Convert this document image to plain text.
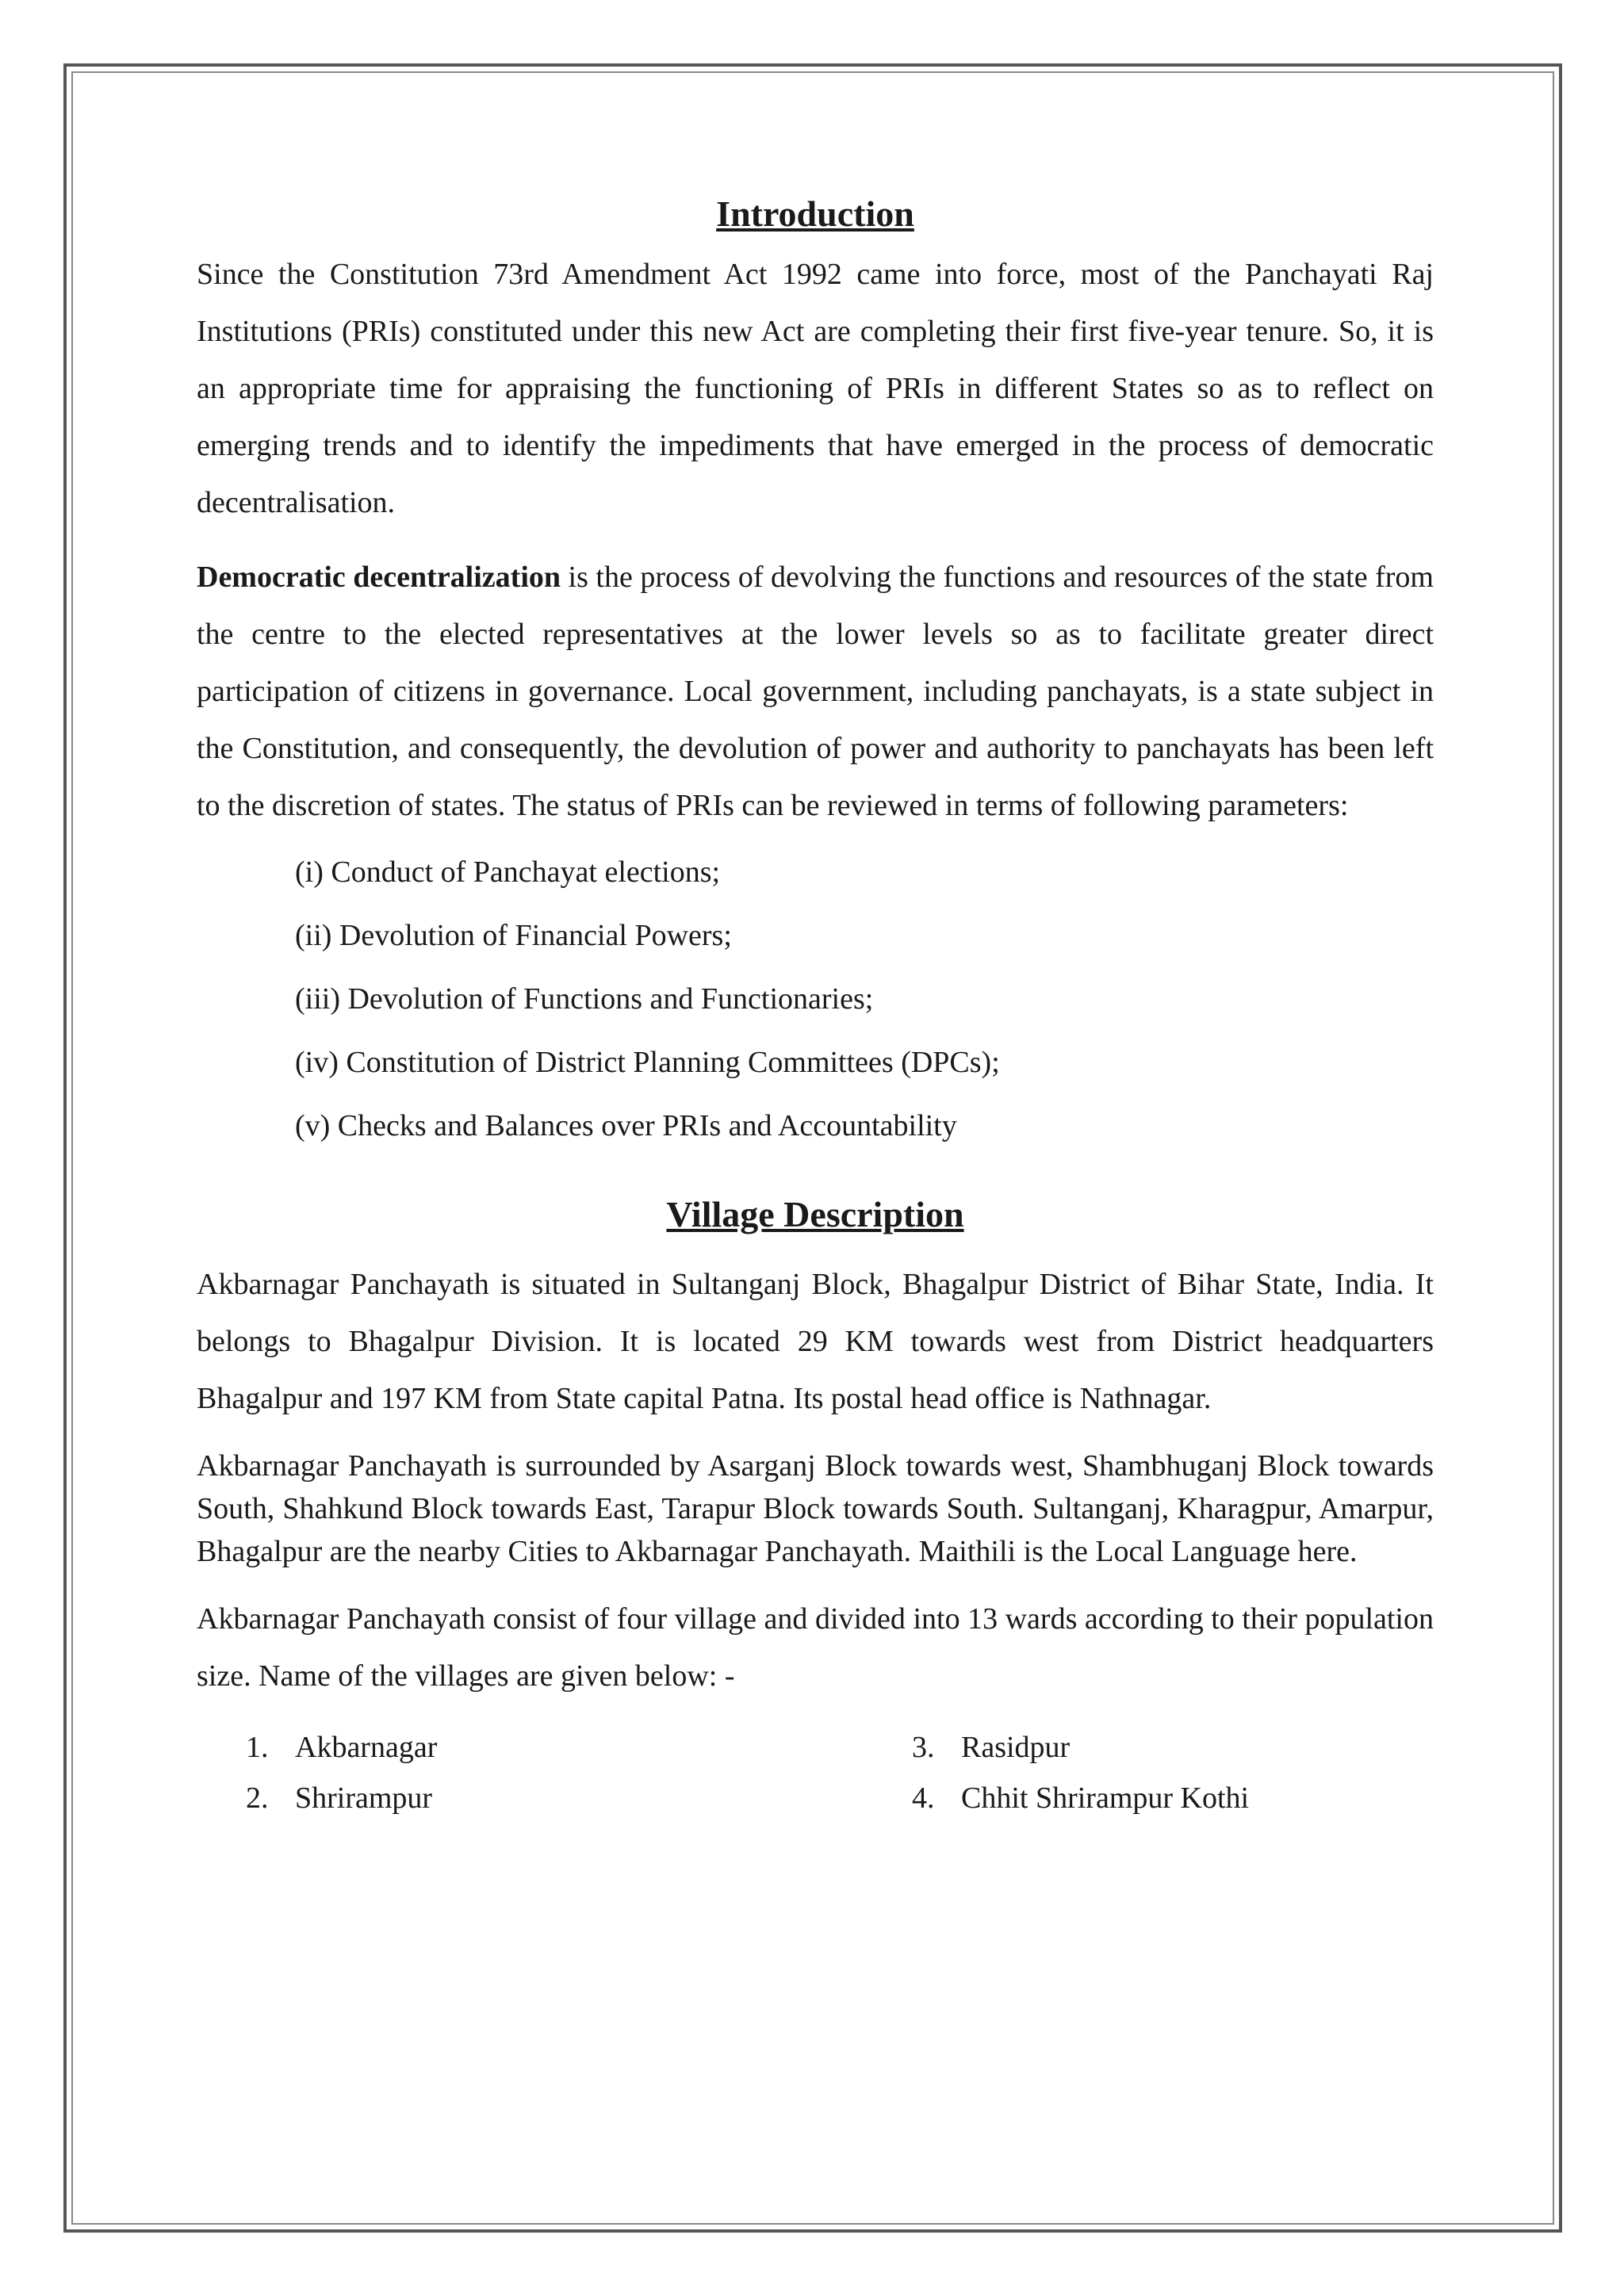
Introduction

Since the Constitution 73rd Amendment Act 1992 came into force, most of the Panchayati Raj Institutions (PRIs) constituted under this new Act are completing their first five-year tenure. So, it is an appropriate time for appraising the functioning of PRIs in different States so as to reflect on emerging trends and to identify the impediments that have emerged in the process of democratic decentralisation.

Democratic decentralization is the process of devolving the functions and resources of the state from the centre to the elected representatives at the lower levels so as to facilitate greater direct participation of citizens in governance. Local government, including panchayats, is a state subject in the Constitution, and consequently, the devolution of power and authority to panchayats has been left to the discretion of states. The status of PRIs can be reviewed in terms of following parameters:

(i) Conduct of Panchayat elections;
(ii) Devolution of Financial Powers;
(iii) Devolution of Functions and Functionaries;
(iv) Constitution of District Planning Committees (DPCs);
(v) Checks and Balances over PRIs and Accountability
Village Description

Akbarnagar Panchayath is situated in Sultanganj Block, Bhagalpur District of Bihar State, India. It belongs to Bhagalpur Division. It is located 29 KM towards west from District headquarters Bhagalpur and 197 KM from State capital Patna. Its postal head office is Nathnagar.

Akbarnagar Panchayath is surrounded by Asarganj Block towards west, Shambhuganj Block towards South, Shahkund Block towards East, Tarapur Block towards South. Sultanganj, Kharagpur, Amarpur, Bhagalpur are the nearby Cities to Akbarnagar Panchayath. Maithili is the Local Language here.

Akbarnagar Panchayath consist of four village and divided into 13 wards according to their population size. Name of the villages are given below: -

1. Akbarnagar	3. Rasidpur
2. Shrirampur	4. Chhit Shrirampur Kothi
